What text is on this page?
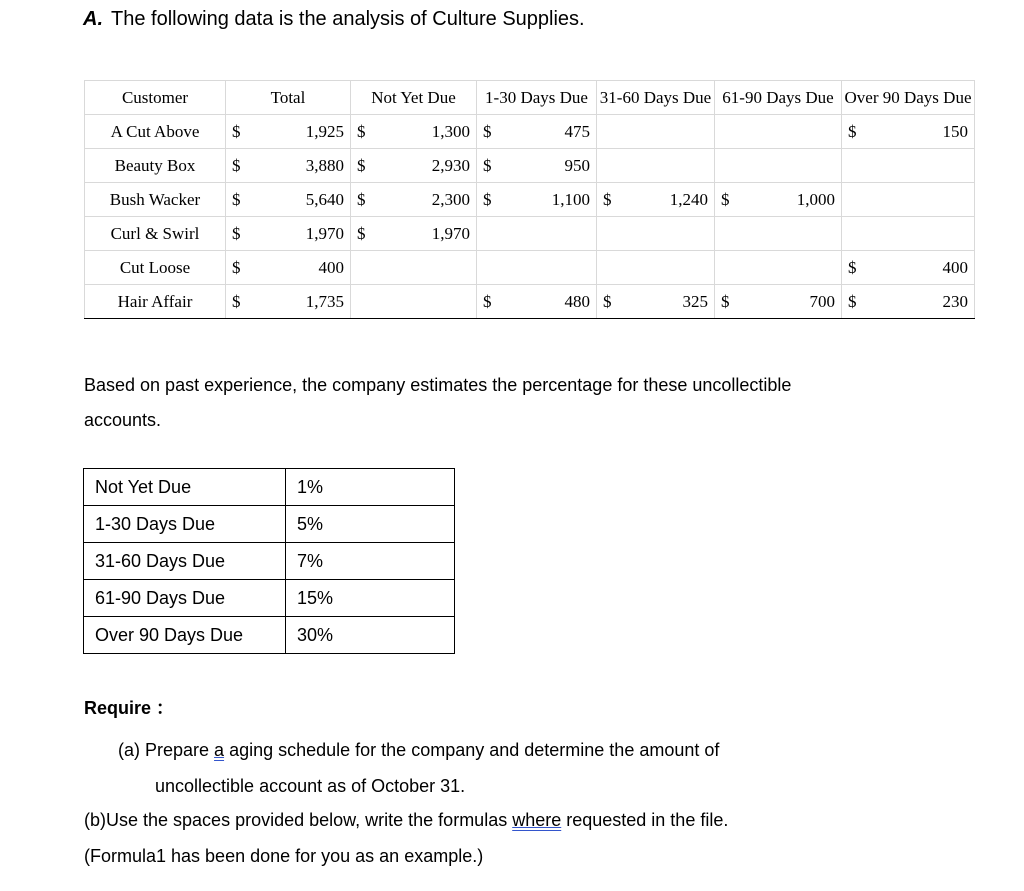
A. The following data is the analysis of Culture Supplies.
Customer	Total		Not Yet Due		1-30 Days Due		31-60 Days Due		61-90 Days Due		Over 90 Days Due	
A Cut Above	$	1,925	$	1,300	$	475					$	150
Beauty Box	$	3,880	$	2,930	$	950						
Bush Wacker	$	5,640	$	2,300	$	1,100	$	1,240	$	1,000		
Curl & Swirl	$	1,970	$	1,970								
Cut Loose	$	400									$	400
Hair Affair	$	1,735			$	480	$	325	$	700	$	230
Based on past experience, the company estimates the percentage for these uncollectible accounts.
Not Yet Due	1%
1-30 Days Due	5%
31-60 Days Due	7%
61-90 Days Due	15%
Over 90 Days Due	30%
Require ：
(a) Prepare a aging schedule for the company and determine the amount of
uncollectible account as of October 31.
(b)Use the spaces provided below, write the formulas where requested in the file.
(Formula1 has been done for you as an example.)
